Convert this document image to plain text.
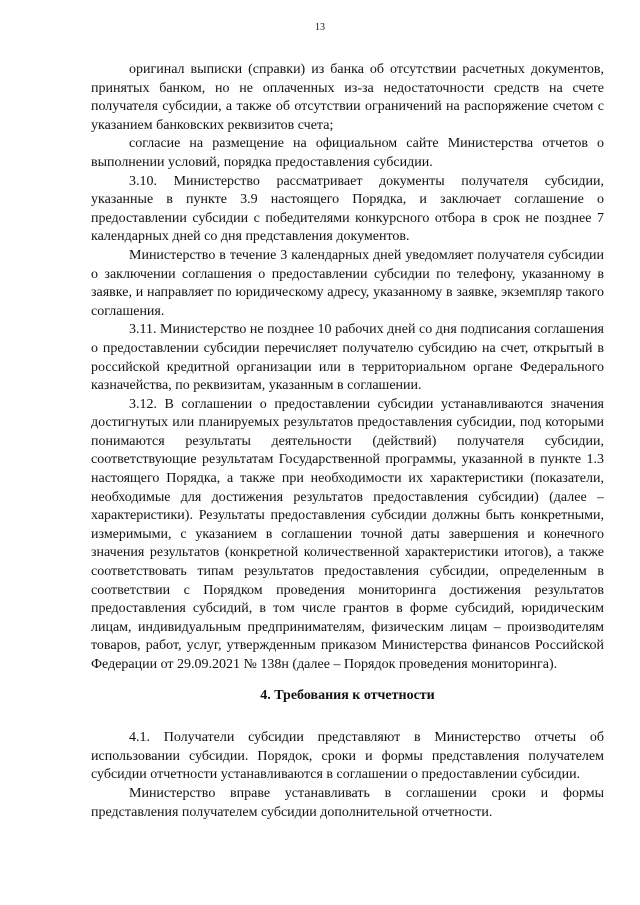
13

оригинал выписки (справки) из банка об отсутствии расчетных документов, принятых банком, но не оплаченных из-за недостаточности средств на счете получателя субсидии, а также об отсутствии ограничений на распоряжение счетом с указанием банковских реквизитов счета;

согласие на размещение на официальном сайте Министерства отчетов о выполнении условий, порядка предоставления субсидии.

3.10. Министерство рассматривает документы получателя субсидии, указанные в пункте 3.9 настоящего Порядка, и заключает соглашение о предоставлении субсидии с победителями конкурсного отбора в срок не позднее 7 календарных дней со дня представления документов.

Министерство в течение 3 календарных дней уведомляет получателя субсидии о заключении соглашения о предоставлении субсидии по телефону, указанному в заявке, и направляет по юридическому адресу, указанному в заявке, экземпляр такого соглашения.

3.11. Министерство не позднее 10 рабочих дней со дня подписания соглашения о предоставлении субсидии перечисляет получателю субсидию на счет, открытый в российской кредитной организации или в территориальном органе Федерального казначейства, по реквизитам, указанным в соглашении.

3.12. В соглашении о предоставлении субсидии устанавливаются значения достигнутых или планируемых результатов предоставления субсидии, под которыми понимаются результаты деятельности (действий) получателя субсидии, соответствующие результатам Государственной программы, указанной в пункте 1.3 настоящего Порядка, а также при необходимости их характеристики (показатели, необходимые для достижения результатов предоставления субсидии) (далее – характеристики). Результаты предоставления субсидии должны быть конкретными, измеримыми, с указанием в соглашении точной даты завершения и конечного значения результатов (конкретной количественной характеристики итогов), а также соответствовать типам результатов предоставления субсидии, определенным в соответствии с Порядком проведения мониторинга достижения результатов предоставления субсидий, в том числе грантов в форме субсидий, юридическим лицам, индивидуальным предпринимателям, физическим лицам – производителям товаров, работ, услуг, утвержденным приказом Министерства финансов Российской Федерации от 29.09.2021 № 138н (далее – Порядок проведения мониторинга).

4. Требования к отчетности

4.1. Получатели субсидии представляют в Министерство отчеты об использовании субсидии. Порядок, сроки и формы представления получателем субсидии отчетности устанавливаются в соглашении о предоставлении субсидии.

Министерство вправе устанавливать в соглашении сроки и формы представления получателем субсидии дополнительной отчетности.
